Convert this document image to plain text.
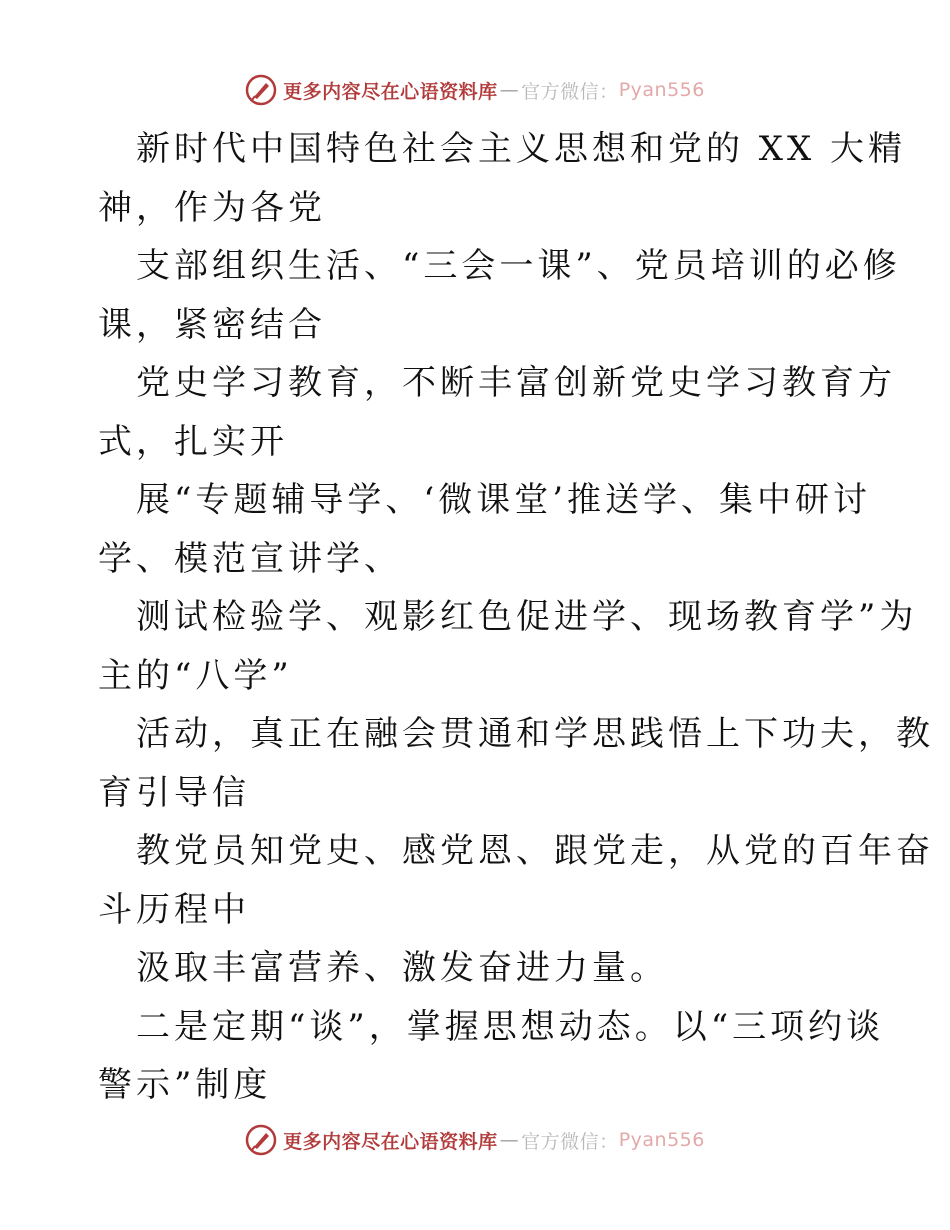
更多内容尽在心语资料库 — 官方微信： Pyan556
新时代中国特色社会主义思想和党的 XX 大精
神，作为各党
支部组织生活、“三会一课”、党员培训的必修
课，紧密结合
党史学习教育，不断丰富创新党史学习教育方
式，扎实开
展“专题辅导学、‘微课堂’推送学、集中研讨
学、模范宣讲学、
测试检验学、观影红色促进学、现场教育学”为
主的“八学”
活动，真正在融会贯通和学思践悟上下功夫，教
育引导信
教党员知党史、感党恩、跟党走，从党的百年奋
斗历程中
汲取丰富营养、激发奋进力量。
二是定期“谈”，掌握思想动态。以“三项约谈
警示”制度
更多内容尽在心语资料库 — 官方微信： Pyan556
